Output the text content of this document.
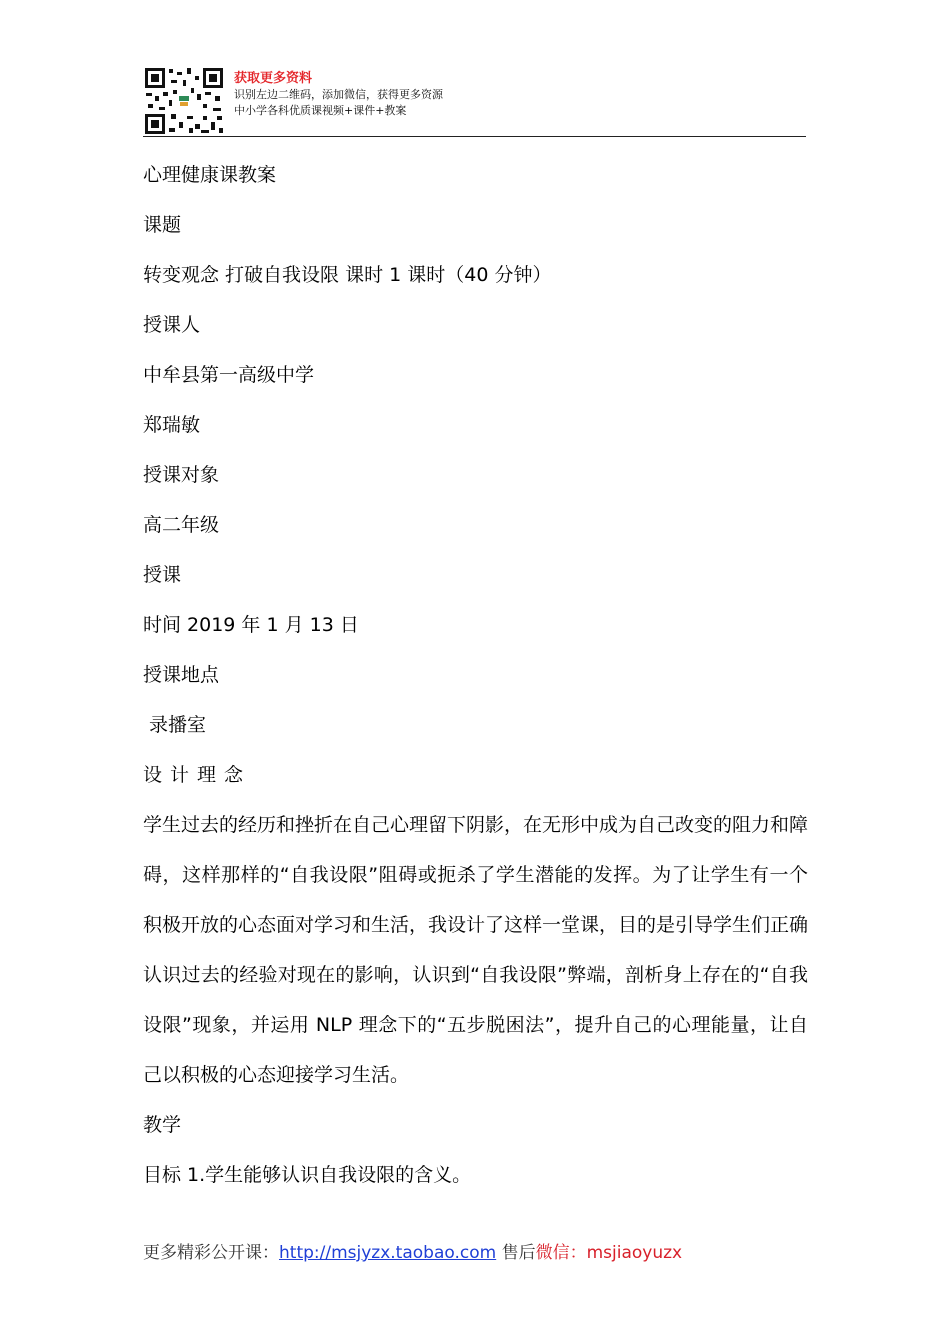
获取更多资料
识别左边二维码，添加微信，获得更多资源
中小学各科优质课视频+课件+教案

心理健康课教案

课题

转变观念 打破自我设限 课时 1 课时（40 分钟）

授课人

中牟县第一高级中学

郑瑞敏

授课对象

高二年级

授课

时间 2019 年 1 月 13 日

授课地点

录播室

设计理念

学生过去的经历和挫折在自己心理留下阴影，在无形中成为自己改变的阻力和障碍，这样那样的“自我设限”阻碍或扼杀了学生潜能的发挥。为了让学生有一个积极开放的心态面对学习和生活，我设计了这样一堂课，目的是引导学生们正确认识过去的经验对现在的影响，认识到“自我设限”弊端，剖析身上存在的“自我设限”现象，并运用 NLP 理念下的“五步脱困法”，提升自己的心理能量，让自己以积极的心态迎接学习生活。

教学

目标 1.学生能够认识自我设限的含义。

更多精彩公开课：http://msjyzx.taobao.com 售后微信：msjiaoyuzx
